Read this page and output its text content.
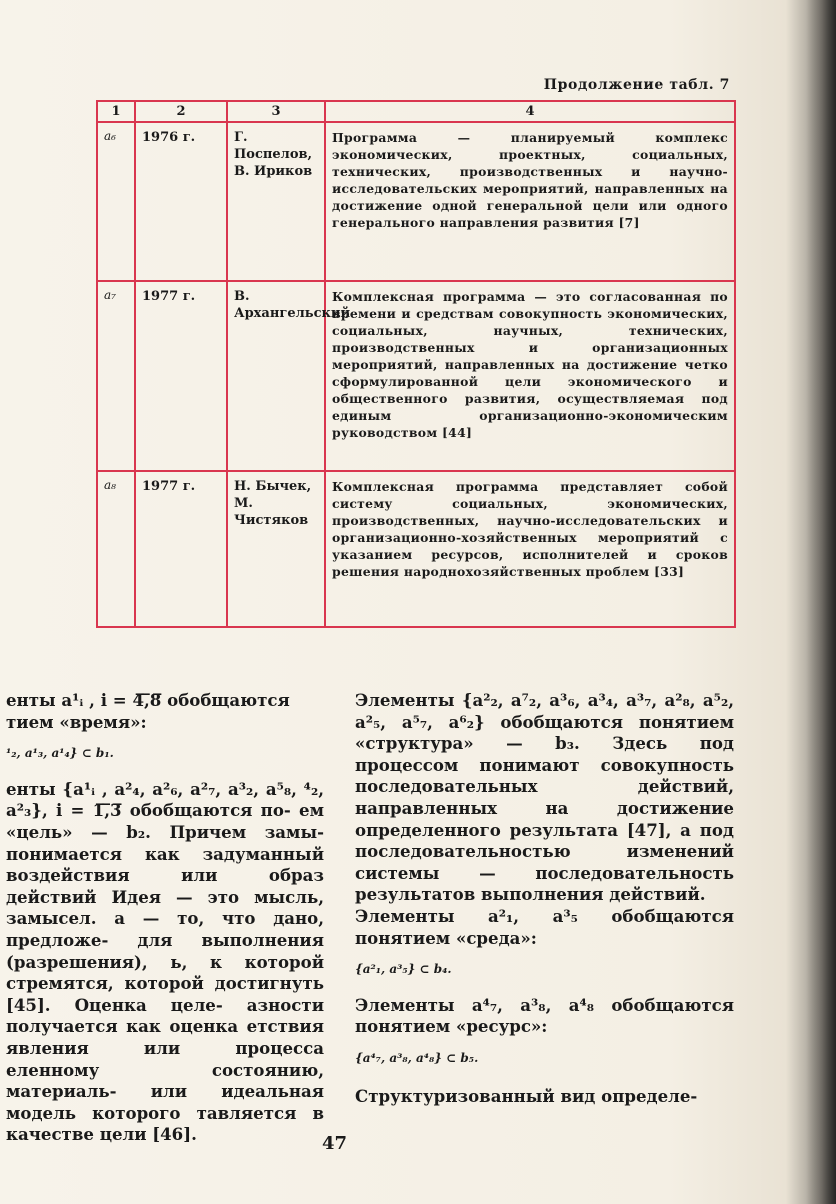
Продолжение табл. 7
1	2	3	4
a₆	1976 г.	Г. Поспелов, В. Ириков	Программа — планируемый комплекс экономических, проектных, социальных, технических, производственных и научно-исследовательских мероприятий, направленных на достижение одной генеральной цели или одного генерального направления развития [7]
a₇	1977 г.	В. Архангельский	Комплексная программа — это согласованная по времени и средствам совокупность экономических, социальных, научных, технических, производственных и организационных мероприятий, направленных на достижение четко сформулированной цели экономического и общественного развития, осуществляемая под единым организационно-экономическим руководством [44]
a₈	1977 г.	Н. Бычек, М. Чистяков	Комплексная программа представляет собой систему социальных, экономических, производственных, научно-исследовательских и организационно-хозяйственных мероприятий с указанием ресурсов, исполнителей и сроков решения народнохозяйственных проблем [33]

енты a¹ᵢ , i = 4̅,̅8̅ обобщаются

тием «время»:

¹₂, a¹₃, a¹₄} ⊂ b₁.

енты {a¹ᵢ , a²₄, a²₆, a²₇, a³₂, a⁵₈, ⁴₂, a²₃}, i = 1̅,̅3̅ обобщаются по- ем «цель» — b₂. Причем замы- понимается как задуманный воздействия или образ действий Идея — это мысль, замысел. а — то, что дано, предложе- для выполнения (разрешения), ь, к которой стремятся, которой достигнуть [45]. Оценка целе- азности получается как оценка етствия явления или процесса еленному состоянию, материаль- или идеальная модель которого тавляется в качестве цели [46].

Элементы {a²₂, a⁷₂, a³₆, a³₄, a³₇, a²₈, a⁵₂, a²₅, a⁵₇, a⁶₂} обобщаются понятием «структура» — b₃. Здесь под процессом понимают совокупность последовательных действий, направленных на достижение определенного результата [47], а под последовательностью изменений системы — последовательность результатов выполнения действий.

Элементы a²₁, a³₅ обобщаются понятием «среда»:

{a²₁, a³₅} ⊂ b₄.

Элементы a⁴₇, a³₈, a⁴₈ обобщаются понятием «ресурс»:

{a⁴₇, a³₈, a⁴₈} ⊂ b₅.

Структуризованный вид определе-

47
